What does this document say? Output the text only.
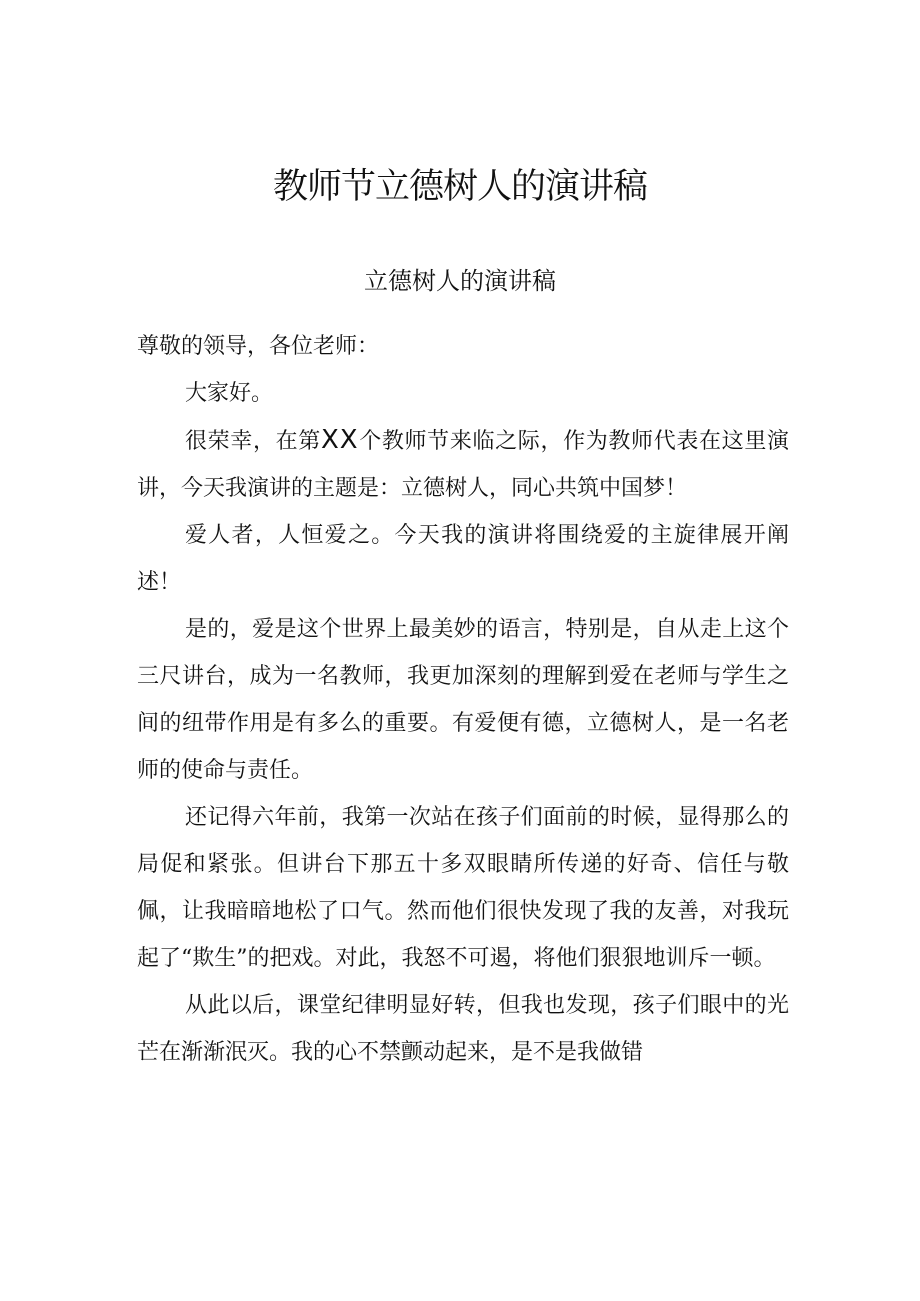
教师节立德树人的演讲稿
立德树人的演讲稿

尊敬的领导，各位老师：

大家好。

很荣幸，在第XX个教师节来临之际，作为教师代表在这里演讲，今天我演讲的主题是：立德树人，同心共筑中国梦！

爱人者，人恒爱之。今天我的演讲将围绕爱的主旋律展开阐述！

是的，爱是这个世界上最美妙的语言，特别是，自从走上这个三尺讲台，成为一名教师，我更加深刻的理解到爱在老师与学生之间的纽带作用是有多么的重要。有爱便有德，立德树人，是一名老师的使命与责任。

还记得六年前，我第一次站在孩子们面前的时候，显得那么的局促和紧张。但讲台下那五十多双眼睛所传递的好奇、信任与敬佩，让我暗暗地松了口气。然而他们很快发现了我的友善，对我玩起了“欺生”的把戏。对此，我怒不可遏，将他们狠狠地训斥一顿。

从此以后，课堂纪律明显好转，但我也发现，孩子们眼中的光芒在渐渐泯灭。我的心不禁颤动起来，是不是我做错
